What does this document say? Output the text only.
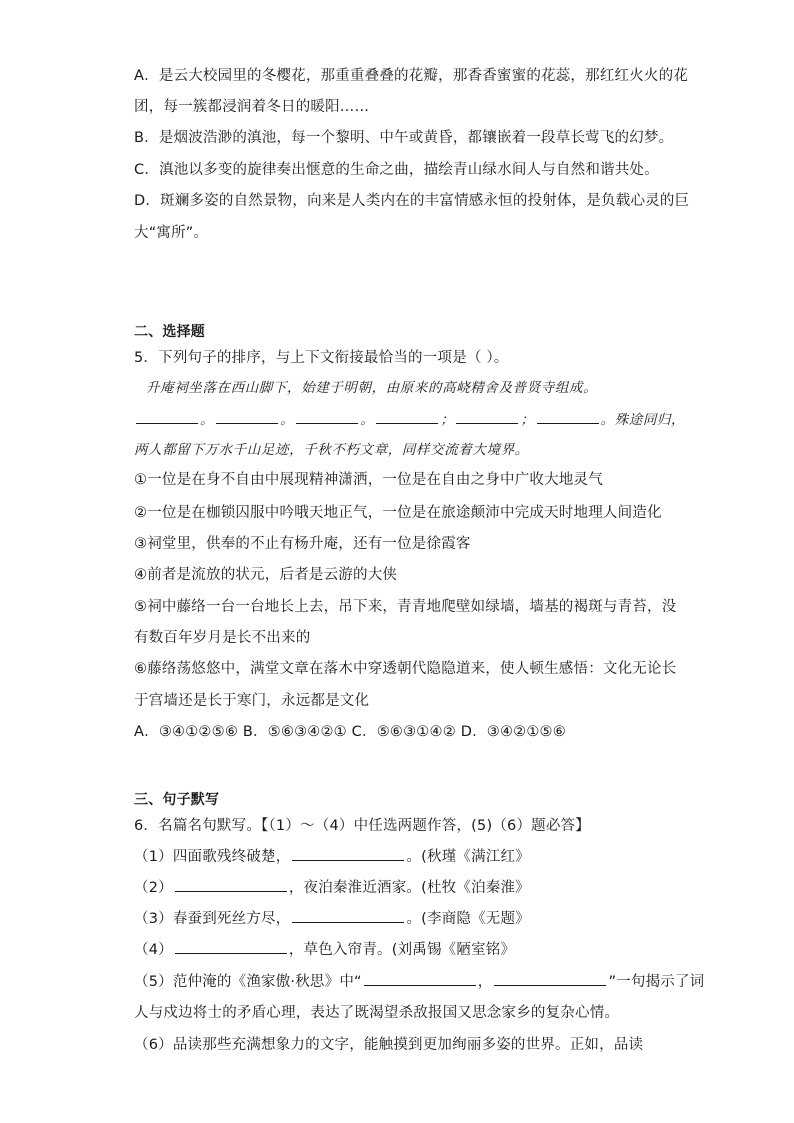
A．是云大校园里的冬樱花，那重重叠叠的花瓣，那香香蜜蜜的花蕊，那红红火火的花
团，每一簇都浸润着冬日的暖阳……
B．是烟波浩渺的滇池，每一个黎明、中午或黄昏，都镶嵌着一段草长莺飞的幻梦。
C．滇池以多变的旋律奏出惬意的生命之曲，描绘青山绿水间人与自然和谐共处。
D．斑斓多姿的自然景物，向来是人类内在的丰富情感永恒的投射体，是负载心灵的巨
大“寓所”。
二、选择题
5．下列句子的排序，与上下文衔接最恰当的一项是（ ）。
升庵祠坐落在西山脚下，始建于明朝，由原来的高峣精舍及普贤寺组成。
。	。	。	；	；	。殊途同归，
两人都留下万水千山足迹，千秋不朽文章，同样交流着大境界。
①一位是在身不自由中展现精神潇洒，一位是在自由之身中广收大地灵气
②一位是在枷锁囚服中吟哦天地正气，一位是在旅途颠沛中完成天时地理人间造化
③祠堂里，供奉的不止有杨升庵，还有一位是徐霞客
④前者是流放的状元，后者是云游的大侠
⑤祠中藤络一台一台地长上去，吊下来，青青地爬壁如绿墙，墙基的褐斑与青苔，没
有数百年岁月是长不出来的
⑥藤络荡悠悠中，满堂文章在落木中穿透朝代隐隐道来，使人顿生感悟：文化无论长
于宫墙还是长于寒门，永远都是文化
A．③④①②⑤⑥ B．⑤⑥③④②① C．⑤⑥③①④② D．③④②①⑤⑥
三、句子默写
6．名篇名句默写。【（1）～（4）中任选两题作答，(5)（6）题必答】
（1）四面歌残终破楚，	。(秋瑾《满江红》
（2）	，夜泊秦淮近酒家。(杜牧《泊秦淮》
（3）春蚕到死丝方尽，	。(李商隐《无题》
（4）	，草色入帘青。(刘禹锡《陋室铭》
（5）范仲淹的《渔家傲·秋思》中“	，	”一句揭示了词
人与戍边将士的矛盾心理，表达了既渴望杀敌报国又思念家乡的复杂心情。
（6）品读那些充满想象力的文字，能触摸到更加绚丽多姿的世界。正如，品读
